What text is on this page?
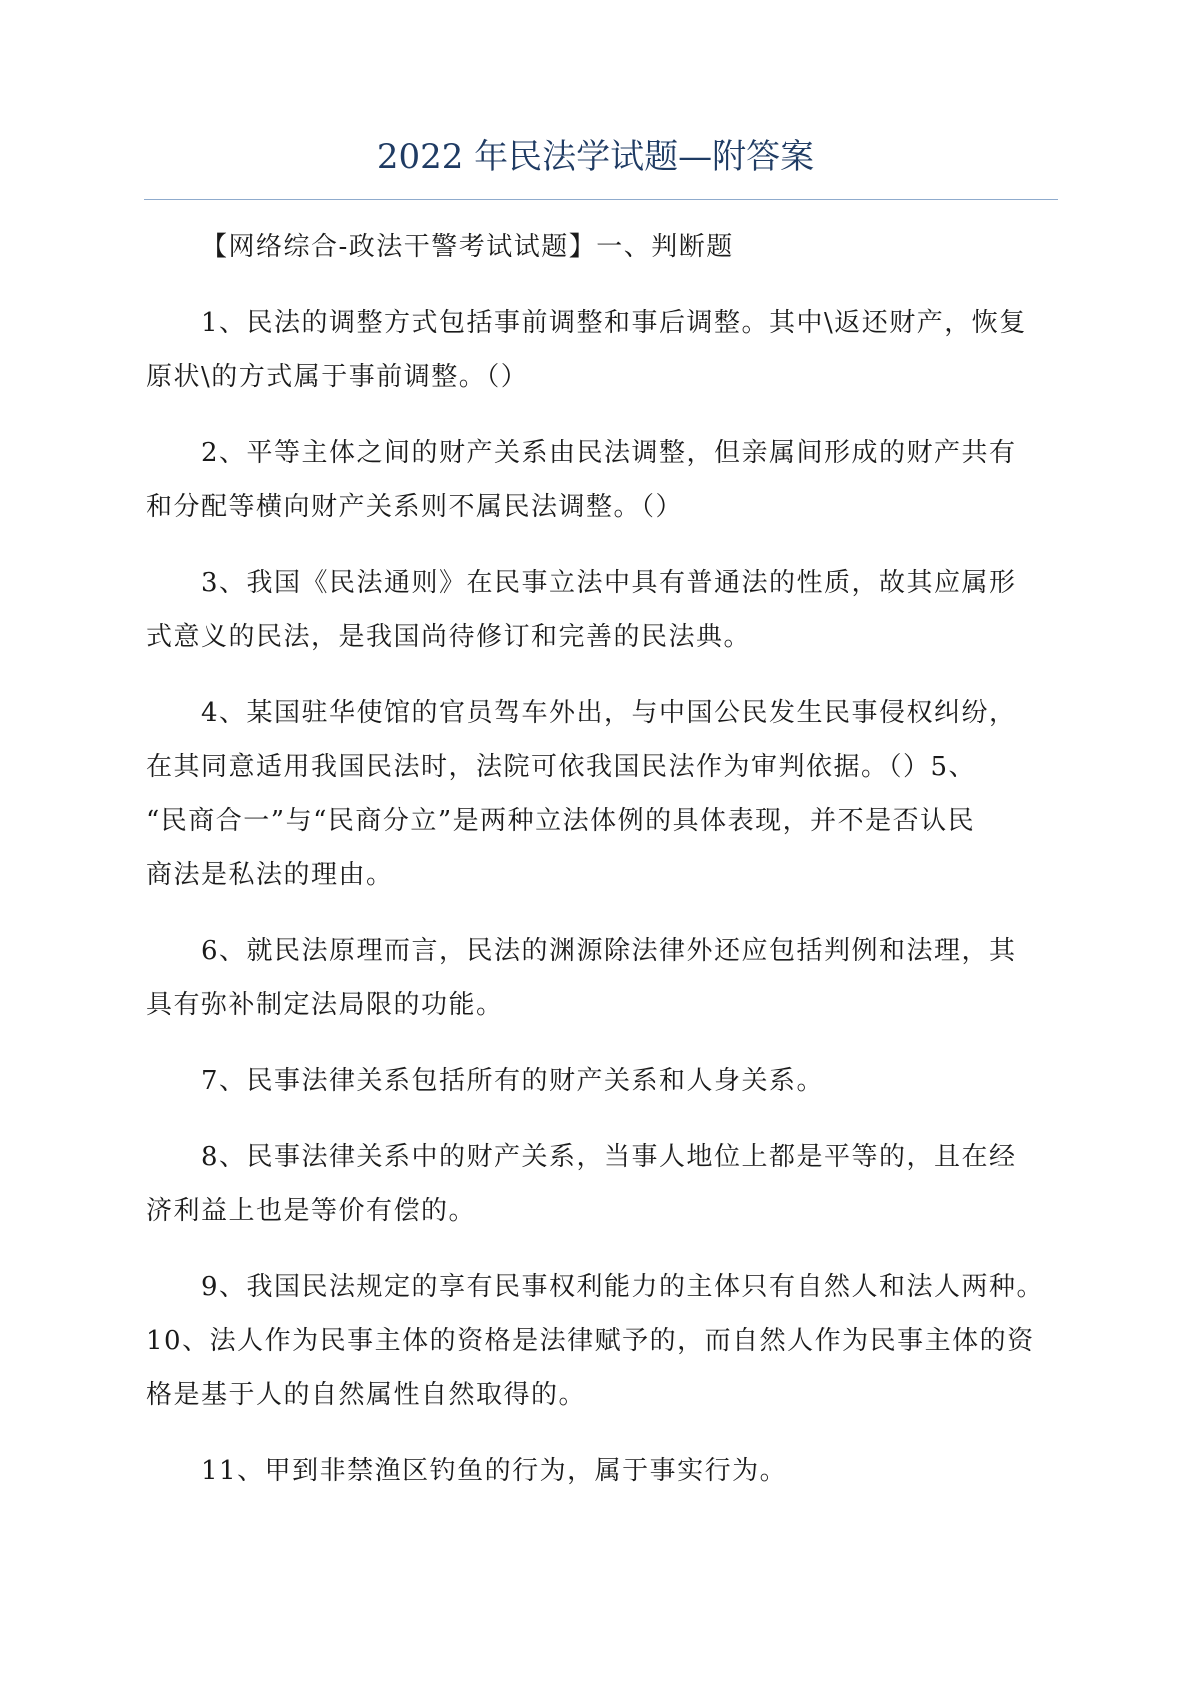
2022 年民法学试题—附答案
【网络综合-政法干警考试试题】一、判断题
1、民法的调整方式包括事前调整和事后调整。其中\返还财产，恢复
原状\的方式属于事前调整。（）
2、平等主体之间的财产关系由民法调整，但亲属间形成的财产共有
和分配等横向财产关系则不属民法调整。（）
3、我国《民法通则》在民事立法中具有普通法的性质，故其应属形
式意义的民法，是我国尚待修订和完善的民法典。
4、某国驻华使馆的官员驾车外出，与中国公民发生民事侵权纠纷，
在其同意适用我国民法时，法院可依我国民法作为审判依据。（）5、
“民商合一”与“民商分立”是两种立法体例的具体表现，并不是否认民
商法是私法的理由。
6、就民法原理而言，民法的渊源除法律外还应包括判例和法理，其
具有弥补制定法局限的功能。
7、民事法律关系包括所有的财产关系和人身关系。
8、民事法律关系中的财产关系，当事人地位上都是平等的，且在经
济利益上也是等价有偿的。
9、我国民法规定的享有民事权利能力的主体只有自然人和法人两种。
10、法人作为民事主体的资格是法律赋予的，而自然人作为民事主体的资
格是基于人的自然属性自然取得的。
11、甲到非禁渔区钓鱼的行为，属于事实行为。
